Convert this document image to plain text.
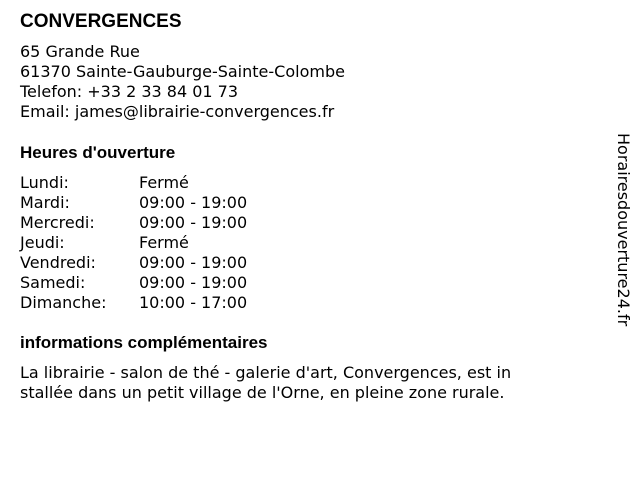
CONVERGENCES
65 Grande Rue
61370 Sainte-Gauburge-Sainte-Colombe
Telefon: +33 2 33 84 01 73
Email: james@librairie-convergences.fr
Heures d'ouverture
Lundi:	Fermé
Mardi:	09:00 - 19:00
Mercredi:	09:00 - 19:00
Jeudi:	Fermé
Vendredi:	09:00 - 19:00
Samedi:	09:00 - 19:00
Dimanche:	10:00 - 17:00
informations complémentaires
La librairie - salon de thé - galerie d'art, Convergences, est in
stallée dans un petit village de l'Orne, en pleine zone rurale.
Horairesdouverture24.fr
